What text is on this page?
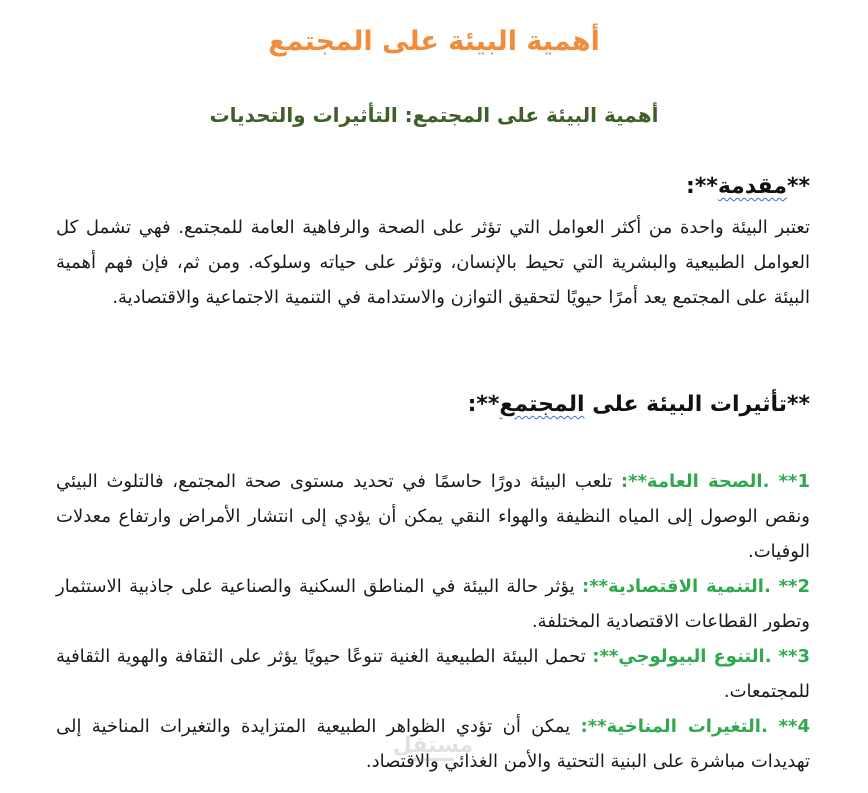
أهمية البيئة على المجتمع
أهمية البيئة على المجتمع: التأثيرات والتحديات
**مقدمة**:

تعتبر البيئة واحدة من أكثر العوامل التي تؤثر على الصحة والرفاهية العامة للمجتمع. فهي تشمل كل العوامل الطبيعية والبشرية التي تحيط بالإنسان، وتؤثر على حياته وسلوكه. ومن ثم، فإن فهم أهمية البيئة على المجتمع يعد أمرًا حيويًا لتحقيق التوازن والاستدامة في التنمية الاجتماعية والاقتصادية.

**تأثيرات البيئة على المجتمع**:
1** .الصحة العامة**: تلعب البيئة دورًا حاسمًا في تحديد مستوى صحة المجتمع، فالتلوث البيئي ونقص الوصول إلى المياه النظيفة والهواء النقي يمكن أن يؤدي إلى انتشار الأمراض وارتفاع معدلات الوفيات.
2** .التنمية الاقتصادية**: يؤثر حالة البيئة في المناطق السكنية والصناعية على جاذبية الاستثمار وتطور القطاعات الاقتصادية المختلفة.
3** .التنوع البيولوجي**: تحمل البيئة الطبيعية الغنية تنوعًا حيويًا يؤثر على الثقافة والهوية الثقافية للمجتمعات.
4** .التغيرات المناخية**: يمكن أن تؤدي الظواهر الطبيعية المتزايدة والتغيرات المناخية إلى تهديدات مباشرة على البنية التحتية والأمن الغذائي والاقتصاد.
مستقل
